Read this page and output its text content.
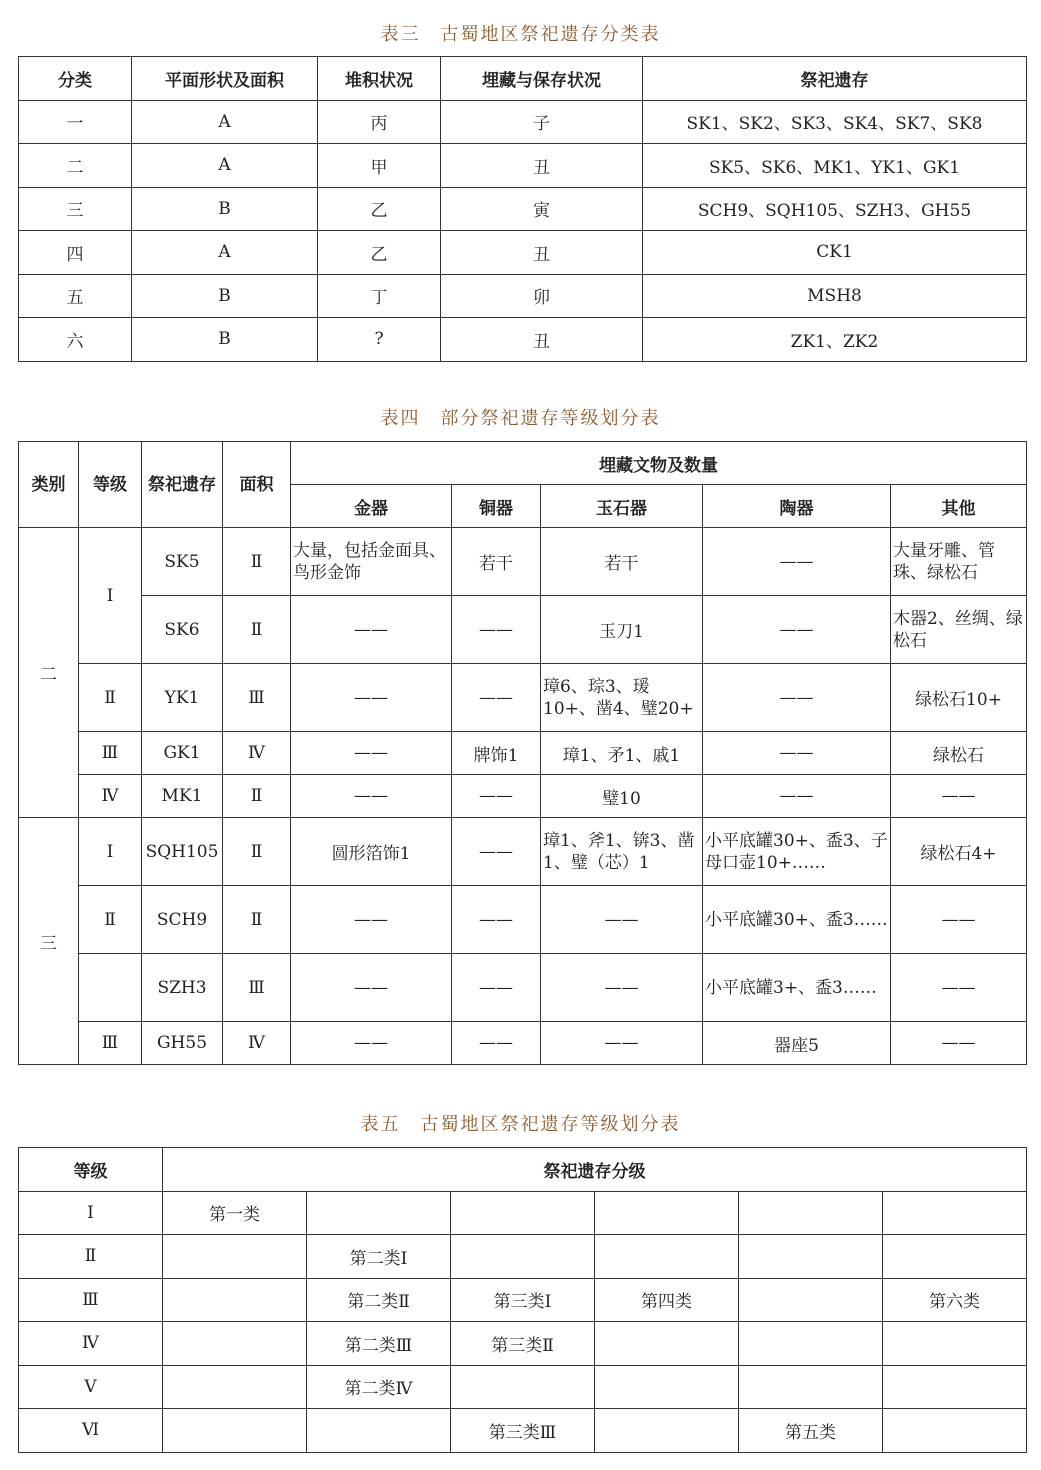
表三　古蜀地区祭祀遗存分类表
分类	平面形状及面积	堆积状况	埋藏与保存状况	祭祀遗存
一	A	丙	子	SK1、SK2、SK3、SK4、SK7、SK8
二	A	甲	丑	SK5、SK6、MK1、YK1、GK1
三	B	乙	寅	SCH9、SQH105、SZH3、GH55
四	A	乙	丑	CK1
五	B	丁	卯	MSH8
六	B	?	丑	ZK1、ZK2
表四　部分祭祀遗存等级划分表
类别	等级	祭祀遗存	面积	埋藏文物及数量				
				金器	铜器	玉石器	陶器	其他
二	Ⅰ	SK5	Ⅱ	大量，包括金面具、鸟形金饰	若干	若干	——	大量牙雕、管珠、绿松石
		SK6	Ⅱ	——	——	玉刀1	——	木器2、丝绸、绿松石
	Ⅱ	YK1	Ⅲ	——	——	璋6、琮3、瑗10+、凿4、璧20+	——	绿松石10+
	Ⅲ	GK1	Ⅳ	——	牌饰1	璋1、矛1、戚1	——	绿松石
	Ⅳ	MK1	Ⅱ	——	——	璧10	——	——
三	Ⅰ	SQH105	Ⅱ	圆形箔饰1	——	璋1、斧1、锛3、凿1、璧（芯）1	小平底罐30+、盉3、子母口壶10+……	绿松石4+
	Ⅱ	SCH9	Ⅱ	——	——	——	小平底罐30+、盉3……	——
		SZH3	Ⅲ	——	——	——	小平底罐3+、盉3……	——
	Ⅲ	GH55	Ⅳ	——	——	——	器座5	——
表五　古蜀地区祭祀遗存等级划分表
等级	祭祀遗存分级					
Ⅰ	第一类					
Ⅱ		第二类Ⅰ				
Ⅲ		第二类Ⅱ	第三类Ⅰ	第四类		第六类
Ⅳ		第二类Ⅲ	第三类Ⅱ			
Ⅴ		第二类Ⅳ				
Ⅵ			第三类Ⅲ		第五类	
